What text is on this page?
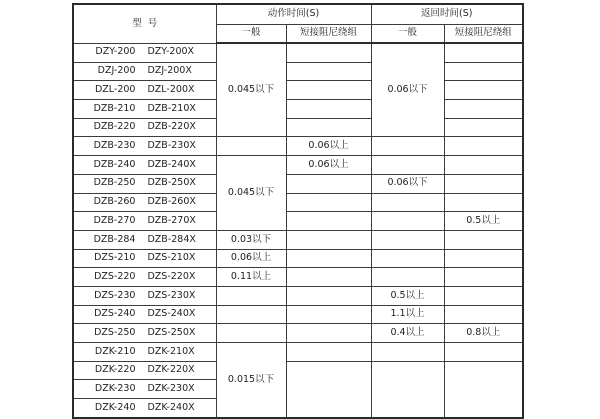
型  号	动作时间(S)		返回时间(S)	
	一般	短接阻尼绕组	一般	短接阻尼绕组
DZY-200 DZY-200X	0.045以下		0.06以下	
DZJ-200 DZJ-200X				
DZL-200 DZL-200X				
DZB-210 DZB-210X				
DZB-220 DZB-220X				
DZB-230 DZB-230X		0.06以上		
DZB-240 DZB-240X	0.045以下	0.06以上		
DZB-250 DZB-250X			0.06以下	
DZB-260 DZB-260X				
DZB-270 DZB-270X				0.5以上
DZB-284 DZB-284X	0.03以下			
DZS-210 DZS-210X	0.06以上			
DZS-220 DZS-220X	0.11以上			
DZS-230 DZS-230X			0.5以上	
DZS-240 DZS-240X			1.1以上	
DZS-250 DZS-250X			0.4以上	0.8以上
DZK-210 DZK-210X	0.015以下			
DZK-220 DZK-220X				
DZK-230 DZK-230X				
DZK-240 DZK-240X				
